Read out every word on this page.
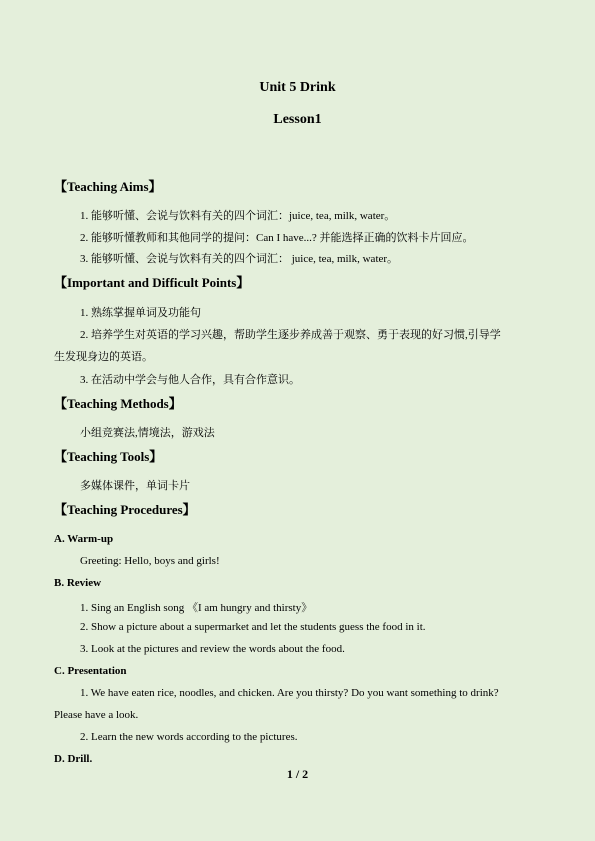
Unit 5 Drink
Lesson1
【Teaching Aims】
1. 能够听懂、会说与饮料有关的四个词汇：juice, tea, milk, water。
2. 能够听懂教师和其他同学的提问：Can I have...? 并能选择正确的饮料卡片回应。
3. 能够听懂、会说与饮料有关的四个词汇： juice, tea, milk, water。
【Important and Difficult Points】
1. 熟练掌握单词及功能句
2. 培养学生对英语的学习兴趣，帮助学生逐步养成善于观察、勇于表现的好习惯,引导学
生发现身边的英语。
3. 在活动中学会与他人合作，具有合作意识。
【Teaching Methods】
小组竞赛法,情境法，游戏法
【Teaching Tools】
多媒体课件，单词卡片
【Teaching Procedures】
A. Warm-up
Greeting: Hello, boys and girls!
B. Review
1. Sing an English song 《I am hungry and thirsty》
2. Show a picture about a supermarket and let the students guess the food in it.
3. Look at the pictures and review the words about the food.
C. Presentation
1. We have eaten rice, noodles, and chicken. Are you thirsty? Do you want something to drink?
Please have a look.
2. Learn the new words according to the pictures.
D. Drill.
1 / 2
